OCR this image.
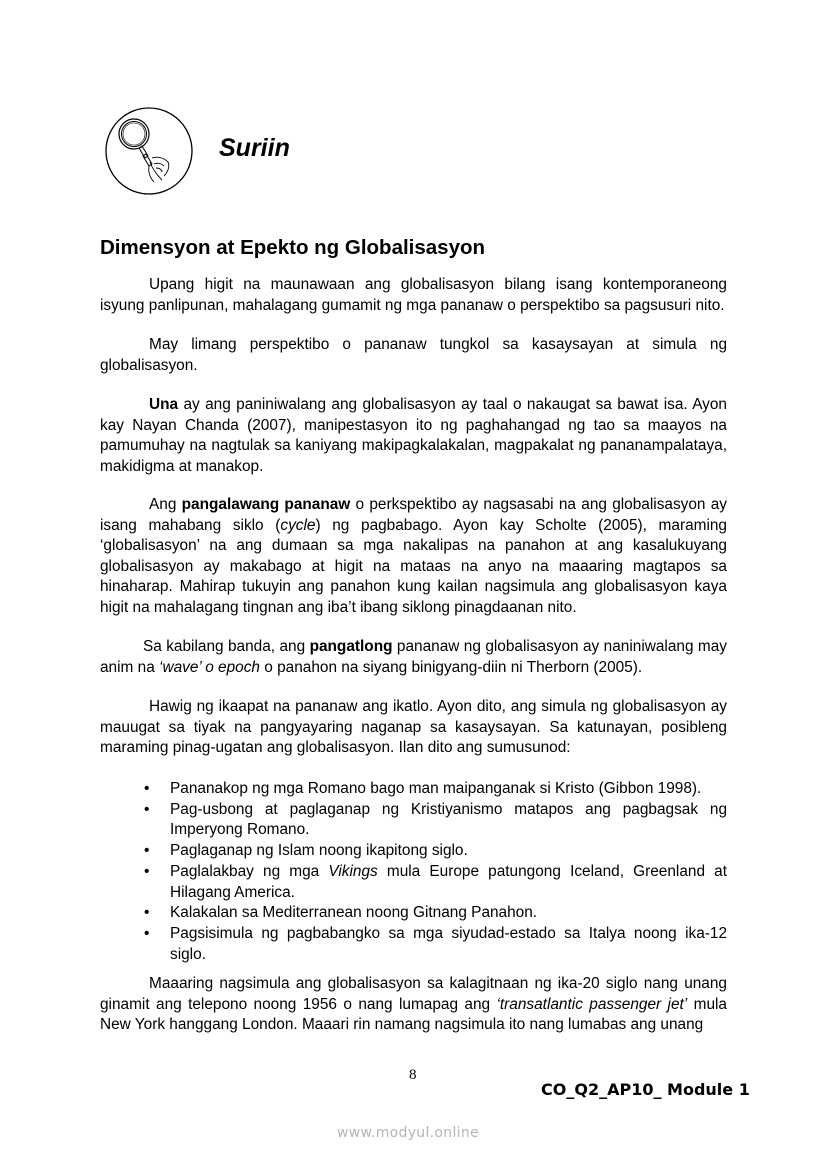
Suriin
Dimensyon at Epekto ng Globalisasyon

Upang higit na maunawaan ang globalisasyon bilang isang kontemporaneong isyung panlipunan, mahalagang gumamit ng mga pananaw o perspektibo sa pagsusuri nito.

May limang perspektibo o pananaw tungkol sa kasaysayan at simula ng globalisasyon.

Una ay ang paniniwalang ang globalisasyon ay taal o nakaugat sa bawat isa. Ayon kay Nayan Chanda (2007), manipestasyon ito ng paghahangad ng tao sa maayos na pamumuhay na nagtulak sa kaniyang makipagkalakalan, magpakalat ng pananampalataya, makidigma at manakop.

Ang pangalawang pananaw o perkspektibo ay nagsasabi na ang globalisasyon ay isang mahabang siklo (cycle) ng pagbabago. Ayon kay Scholte (2005), maraming ‘globalisasyon’ na ang dumaan sa mga nakalipas na panahon at ang kasalukuyang globalisasyon ay makabago at higit na mataas na anyo na maaaring magtapos sa hinaharap. Mahirap tukuyin ang panahon kung kailan nagsimula ang globalisasyon kaya higit na mahalagang tingnan ang iba’t ibang siklong pinagdaanan nito.

Sa kabilang banda, ang pangatlong pananaw ng globalisasyon ay naniniwalang may anim na ‘wave’ o epoch o panahon na siyang binigyang-diin ni Therborn (2005).

Hawig ng ikaapat na pananaw ang ikatlo. Ayon dito, ang simula ng globalisasyon ay mauugat sa tiyak na pangyayaring naganap sa kasaysayan. Sa katunayan, posibleng maraming pinag-ugatan ang globalisasyon. Ilan dito ang sumusunod:

• Pananakop ng mga Romano bago man maipanganak si Kristo (Gibbon 1998).
• Pag-usbong at paglaganap ng Kristiyanismo matapos ang pagbagsak ng Imperyong Romano.
• Paglaganap ng Islam noong ikapitong siglo.
• Paglalakbay ng mga Vikings mula Europe patungong Iceland, Greenland at Hilagang America.
• Kalakalan sa Mediterranean noong Gitnang Panahon.
• Pagsisimula ng pagbabangko sa mga siyudad-estado sa Italya noong ika-12 siglo.

Maaaring nagsimula ang globalisasyon sa kalagitnaan ng ika-20 siglo nang unang ginamit ang telepono noong 1956 o nang lumapag ang ‘transatlantic passenger jet’ mula New York hanggang London. Maaari rin namang nagsimula ito nang lumabas ang unang

8
CO_Q2_AP10_ Module 1
www.modyul.online
